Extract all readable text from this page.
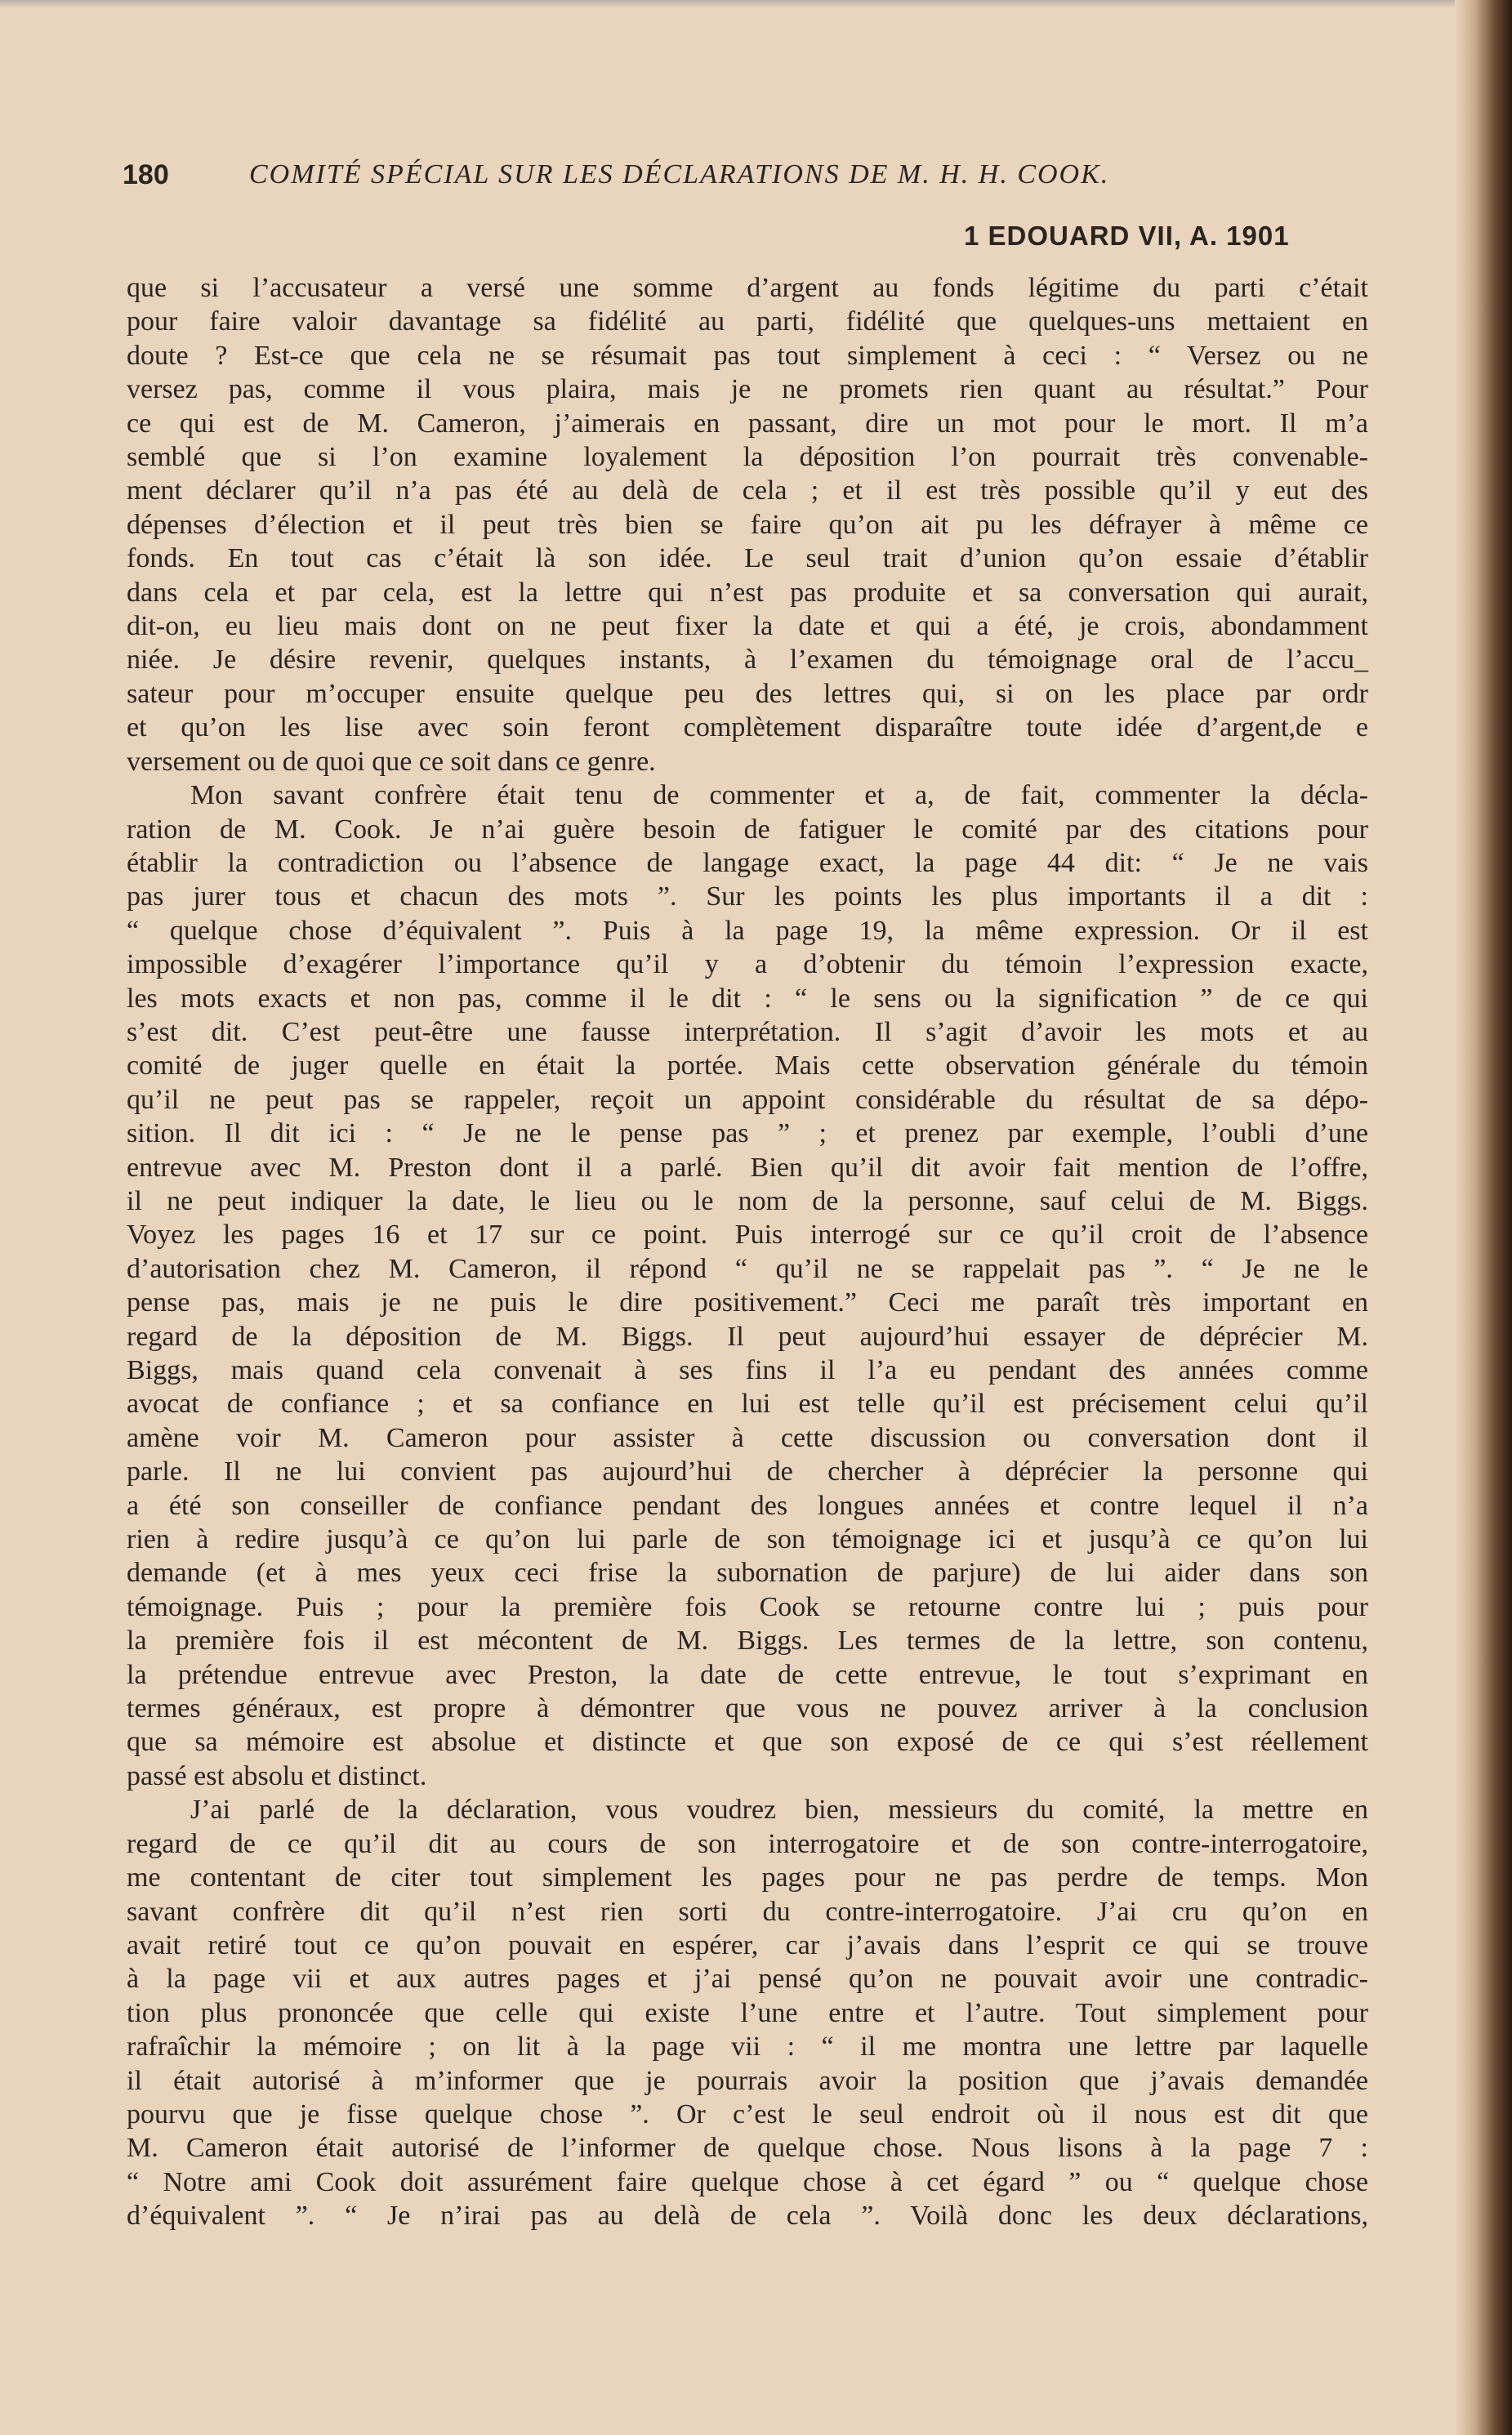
180	COMITÉ SPÉCIAL SUR LES DÉCLARATIONS DE M. H. H. COOK.
1 EDOUARD VII, A. 1901
que si l’accusateur a versé une somme d’argent au fonds légitime du parti c’était
pour faire valoir davantage sa fidélité au parti, fidélité que quelques-uns mettaient en
doute ? Est-ce que cela ne se résumait pas tout simplement à ceci : “ Versez ou ne
versez pas, comme il vous plaira, mais je ne promets rien quant au résultat.” Pour
ce qui est de M. Cameron, j’aimerais en passant, dire un mot pour le mort. Il m’a
semblé que si l’on examine loyalement la déposition l’on pourrait très convenable-
ment déclarer qu’il n’a pas été au delà de cela ; et il est très possible qu’il y eut des
dépenses d’élection et il peut très bien se faire qu’on ait pu les défrayer à même ce
fonds. En tout cas c’était là son idée. Le seul trait d’union qu’on essaie d’établir
dans cela et par cela, est la lettre qui n’est pas produite et sa conversation qui aurait,
dit-on, eu lieu mais dont on ne peut fixer la date et qui a été, je crois, abondamment
niée. Je désire revenir, quelques instants, à l’examen du témoignage oral de l’accu_
sateur pour m’occuper ensuite quelque peu des lettres qui, si on les place par ordr
et qu’on les lise avec soin feront complètement disparaître toute idée d’argent,de e
versement ou de quoi que ce soit dans ce genre.
Mon savant confrère était tenu de commenter et a, de fait, commenter la décla-
ration de M. Cook. Je n’ai guère besoin de fatiguer le comité par des citations pour
établir la contradiction ou l’absence de langage exact, la page 44 dit: “ Je ne vais
pas jurer tous et chacun des mots ”. Sur les points les plus importants il a dit :
“ quelque chose d’équivalent ”. Puis à la page 19, la même expression. Or il est
impossible d’exagérer l’importance qu’il y a d’obtenir du témoin l’expression exacte,
les mots exacts et non pas, comme il le dit : “ le sens ou la signification ” de ce qui
s’est dit. C’est peut-être une fausse interprétation. Il s’agit d’avoir les mots et au
comité de juger quelle en était la portée. Mais cette observation générale du témoin
qu’il ne peut pas se rappeler, reçoit un appoint considérable du résultat de sa dépo-
sition. Il dit ici : “ Je ne le pense pas ” ; et prenez par exemple, l’oubli d’une
entrevue avec M. Preston dont il a parlé. Bien qu’il dit avoir fait mention de l’offre,
il ne peut indiquer la date, le lieu ou le nom de la personne, sauf celui de M. Biggs.
Voyez les pages 16 et 17 sur ce point. Puis interrogé sur ce qu’il croit de l’absence
d’autorisation chez M. Cameron, il répond “ qu’il ne se rappelait pas ”. “ Je ne le
pense pas, mais je ne puis le dire positivement.” Ceci me paraît très important en
regard de la déposition de M. Biggs. Il peut aujourd’hui essayer de déprécier M.
Biggs, mais quand cela convenait à ses fins il l’a eu pendant des années comme
avocat de confiance ; et sa confiance en lui est telle qu’il est précisement celui qu’il
amène voir M. Cameron pour assister à cette discussion ou conversation dont il
parle. Il ne lui convient pas aujourd’hui de chercher à déprécier la personne qui
a été son conseiller de confiance pendant des longues années et contre lequel il n’a
rien à redire jusqu’à ce qu’on lui parle de son témoignage ici et jusqu’à ce qu’on lui
demande (et à mes yeux ceci frise la subornation de parjure) de lui aider dans son
témoignage. Puis ; pour la première fois Cook se retourne contre lui ; puis pour
la première fois il est mécontent de M. Biggs. Les termes de la lettre, son contenu,
la prétendue entrevue avec Preston, la date de cette entrevue, le tout s’exprimant en
termes généraux, est propre à démontrer que vous ne pouvez arriver à la conclusion
que sa mémoire est absolue et distincte et que son exposé de ce qui s’est réellement
passé est absolu et distinct.
J’ai parlé de la déclaration, vous voudrez bien, messieurs du comité, la mettre en
regard de ce qu’il dit au cours de son interrogatoire et de son contre-interrogatoire,
me contentant de citer tout simplement les pages pour ne pas perdre de temps. Mon
savant confrère dit qu’il n’est rien sorti du contre-interrogatoire. J’ai cru qu’on en
avait retiré tout ce qu’on pouvait en espérer, car j’avais dans l’esprit ce qui se trouve
à la page vii et aux autres pages et j’ai pensé qu’on ne pouvait avoir une contradic-
tion plus prononcée que celle qui existe l’une entre et l’autre. Tout simplement pour
rafraîchir la mémoire ; on lit à la page vii : “ il me montra une lettre par laquelle
il était autorisé à m’informer que je pourrais avoir la position que j’avais demandée
pourvu que je fisse quelque chose ”. Or c’est le seul endroit où il nous est dit que
M. Cameron était autorisé de l’informer de quelque chose. Nous lisons à la page 7 :
“ Notre ami Cook doit assurément faire quelque chose à cet égard ” ou “ quelque chose
d’équivalent ”. “ Je n’irai pas au delà de cela ”. Voilà donc les deux déclarations,
